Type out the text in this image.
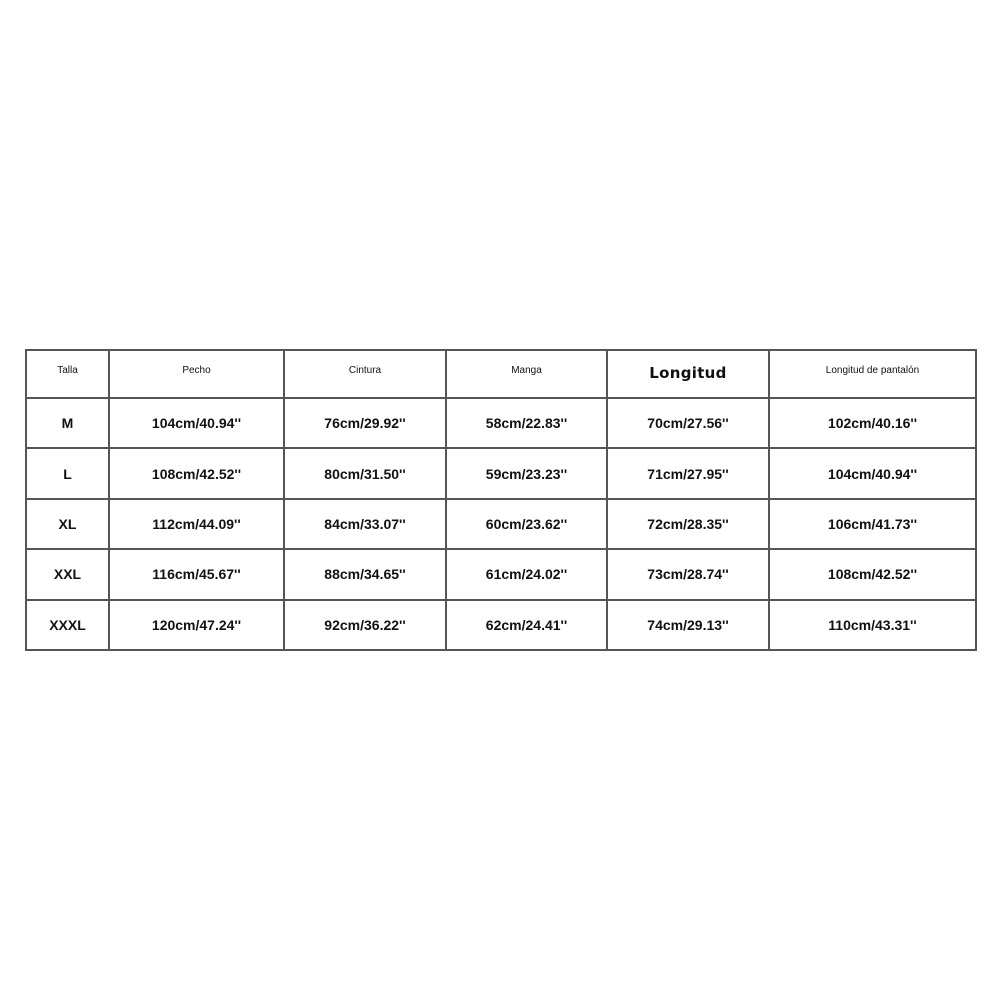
Talla	Pecho	Cintura	Manga	Longitud	Longitud de pantalón
M	104cm/40.94''	76cm/29.92''	58cm/22.83''	70cm/27.56''	102cm/40.16''
L	108cm/42.52''	80cm/31.50''	59cm/23.23''	71cm/27.95''	104cm/40.94''
XL	112cm/44.09''	84cm/33.07''	60cm/23.62''	72cm/28.35''	106cm/41.73''
XXL	116cm/45.67''	88cm/34.65''	61cm/24.02''	73cm/28.74''	108cm/42.52''
XXXL	120cm/47.24''	92cm/36.22''	62cm/24.41''	74cm/29.13''	110cm/43.31''
